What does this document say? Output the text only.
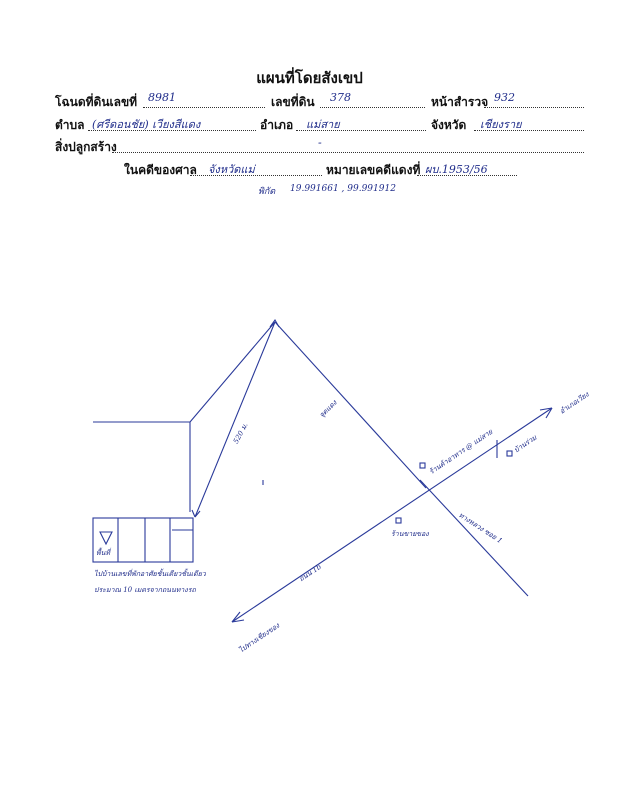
แผนที่โดยสังเขป
โฉนดที่ดินเลขที่ 8981	เลขที่ดิน 378	หน้าสำรวจ 932
ตำบล (ศรีดอนชัย) เวียงสีแดง	อำเภอ แม่สาย	จังหวัด เชียงราย
สิ่งปลูกสร้าง	-
ในคดีของศาล จังหวัดแม่	หมายเลขคดีแดงที่ ผบ.1953/56
พิกัด 19.991661 , 99.991912
520 ม.
จุดแดง
ถนน 1b
ทางหลวง ซอย 1
ไปทางเชียงของ
อำเภอเวียง
ร้านค้าอาหาร @ แม่สาย	บ้านร่วม
ร้านขายของ
พื้นที่
ไปบ้านเลขที่พักอาศัยชั้นเดียวชั้นเดียว
ประมาณ 10 เมตรจากถนนทางรถ
